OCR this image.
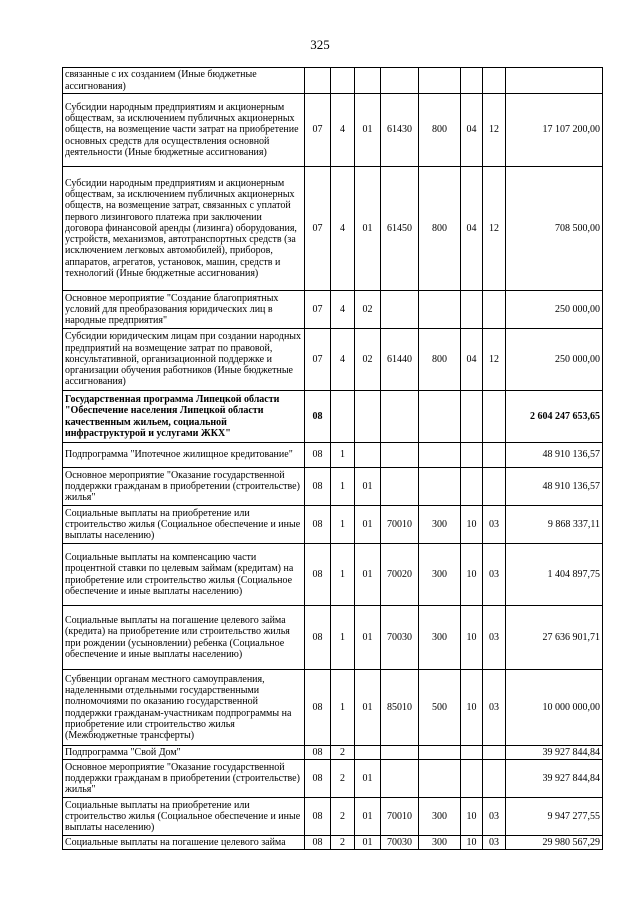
325
связанные с их созданием (Иные бюджетные ассигнования)								
Субсидии народным предприятиям и акционерным обществам, за исключением публичных акционерных обществ, на возмещение части затрат на приобретение основных средств для осуществления основной деятельности (Иные бюджетные ассигнования)	07	4	01	61430	800	04	12	17 107 200,00
Субсидии народным предприятиям и акционерным обществам, за исключением публичных акционерных обществ, на возмещение затрат, связанных с уплатой первого лизингового платежа при заключении договора финансовой аренды (лизинга) оборудования, устройств, механизмов, автотранспортных средств (за исключением легковых автомобилей), приборов, аппаратов, агрегатов, установок, машин, средств и технологий (Иные бюджетные ассигнования)	07	4	01	61450	800	04	12	708 500,00
Основное мероприятие "Создание благоприятных условий для преобразования юридических лиц в народные предприятия"	07	4	02					250 000,00
Субсидии юридическим лицам при создании народных предприятий на возмещение затрат по правовой, консультативной, организационной поддержке и организации обучения работников (Иные бюджетные ассигнования)	07	4	02	61440	800	04	12	250 000,00
Государственная программа Липецкой области "Обеспечение населения Липецкой области качественным жильем, социальной инфраструктурой и услугами ЖКХ"	08							2 604 247 653,65
Подпрограмма "Ипотечное жилищное кредитование"	08	1						48 910 136,57
Основное мероприятие "Оказание государственной поддержки гражданам в приобретении (строительстве) жилья"	08	1	01					48 910 136,57
Социальные выплаты на приобретение или строительство жилья (Социальное обеспечение и иные выплаты населению)	08	1	01	70010	300	10	03	9 868 337,11
Социальные выплаты на компенсацию части процентной ставки по целевым займам (кредитам) на приобретение или строительство жилья (Социальное обеспечение и иные выплаты населению)	08	1	01	70020	300	10	03	1 404 897,75
Социальные выплаты на погашение целевого займа (кредита) на приобретение или строительство жилья при рождении (усыновлении) ребенка (Социальное обеспечение и иные выплаты населению)	08	1	01	70030	300	10	03	27 636 901,71
Субвенции органам местного самоуправления, наделенными отдельными государственными полномочиями по оказанию государственной поддержки гражданам-участникам подпрограммы на приобретение или строительство жилья (Межбюджетные трансферты)	08	1	01	85010	500	10	03	10 000 000,00
Подпрограмма "Свой Дом"	08	2						39 927 844,84
Основное мероприятие "Оказание государственной поддержки гражданам в приобретении (строительстве) жилья"	08	2	01					39 927 844,84
Социальные выплаты на приобретение или строительство жилья (Социальное обеспечение и иные выплаты населению)	08	2	01	70010	300	10	03	9 947 277,55
Социальные выплаты на погашение целевого займа	08	2	01	70030	300	10	03	29 980 567,29
